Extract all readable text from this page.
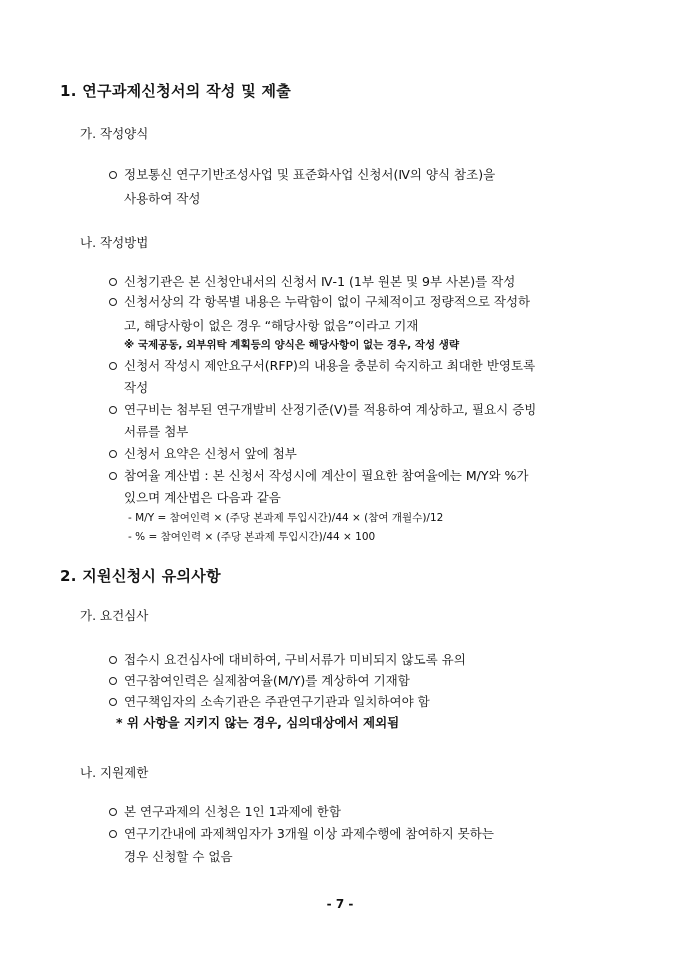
1. 연구과제신청서의 작성 및 제출
가. 작성양식
정보통신 연구기반조성사업 및 표준화사업 신청서(Ⅳ의 양식 참조)을
사용하여 작성
나. 작성방법
신청기관은 본 신청안내서의 신청서 Ⅳ-1 (1부 원본 및 9부 사본)를 작성
신청서상의 각 항목별 내용은 누락함이 없이 구체적이고 정량적으로 작성하
고, 해당사항이 없은 경우 “해당사항 없음”이라고 기재
※ 국제공동, 외부위탁 계획등의 양식은 해당사항이 없는 경우, 작성 생략
신청서 작성시 제안요구서(RFP)의 내용을 충분히 숙지하고 최대한 반영토록
작성
연구비는 첨부된 연구개발비 산정기준(Ⅴ)를 적용하여 계상하고, 필요시 증빙
서류를 첨부
신청서 요약은 신청서 앞에 첨부
참여율 계산법 : 본 신청서 작성시에 계산이 필요한 참여율에는 M/Y와 %가
있으며 계산법은 다음과 같음
- M/Y = 참여인력 × (주당 본과제 투입시간)/44 × (참여 개월수)/12
- % = 참여인력 × (주당 본과제 투입시간)/44 × 100
2. 지원신청시 유의사항
가. 요건심사
접수시 요건심사에 대비하여, 구비서류가 미비되지 않도록 유의
연구참여인력은 실제참여율(M/Y)를 계상하여 기재함
연구책임자의 소속기관은 주관연구기관과 일치하여야 함
* 위 사항을 지키지 않는 경우, 심의대상에서 제외됨
나. 지원제한
본 연구과제의 신청은 1인 1과제에 한함
연구기간내에 과제책임자가 3개월 이상 과제수행에 참여하지 못하는
경우 신청할 수 없음
- 7 -
